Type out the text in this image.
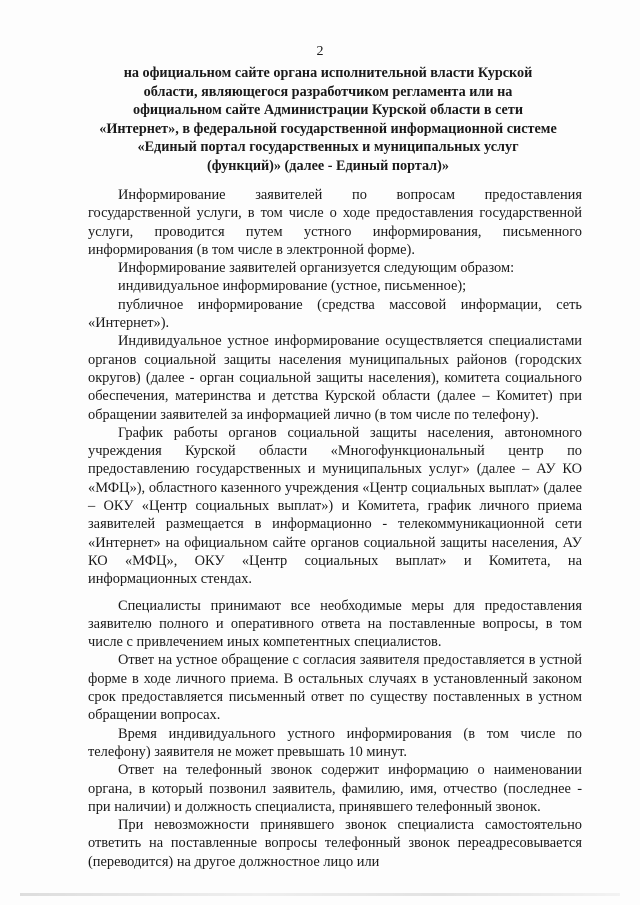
2
на официальном сайте органа исполнительной власти Курской
области, являющегося разработчиком регламента или на
официальном сайте Администрации Курской области в сети
«Интернет», в федеральной государственной информационной системе
«Единый портал государственных и муниципальных услуг
(функций)» (далее - Единый портал)»

Информирование заявителей по вопросам предоставления государственной услуги, в том числе о ходе предоставления государственной услуги, проводится путем устного информирования, письменного информирования (в том числе в электронной форме).

Информирование заявителей организуется следующим образом:

индивидуальное информирование (устное, письменное);

публичное информирование (средства массовой информации, сеть «Интернет»).

Индивидуальное устное информирование осуществляется специалистами органов социальной защиты населения муниципальных районов (городских округов) (далее - орган социальной защиты населения), комитета социального обеспечения, материнства и детства Курской области (далее – Комитет) при обращении заявителей за информацией лично (в том числе по телефону).

График работы органов социальной защиты населения, автономного учреждения Курской области «Многофункциональный центр по предоставлению государственных и муниципальных услуг» (далее – АУ КО «МФЦ»), областного казенного учреждения «Центр социальных выплат» (далее – ОКУ «Центр социальных выплат») и Комитета, график личного приема заявителей размещается в информационно - телекоммуникационной сети «Интернет» на официальном сайте органов социальной защиты населения, АУ КО «МФЦ», ОКУ «Центр социальных выплат» и Комитета, на информационных стендах.

Специалисты принимают все необходимые меры для предоставления заявителю полного и оперативного ответа на поставленные вопросы, в том числе с привлечением иных компетентных специалистов.

Ответ на устное обращение с согласия заявителя предоставляется в устной форме в ходе личного приема. В остальных случаях в установленный законом срок предоставляется письменный ответ по существу поставленных в устном обращении вопросах.

Время индивидуального устного информирования (в том числе по телефону) заявителя не может превышать 10 минут.

Ответ на телефонный звонок содержит информацию о наименовании органа, в который позвонил заявитель, фамилию, имя, отчество (последнее - при наличии) и должность специалиста, принявшего телефонный звонок.

При невозможности принявшего звонок специалиста самостоятельно ответить на поставленные вопросы телефонный звонок переадресовывается (переводится) на другое должностное лицо или
